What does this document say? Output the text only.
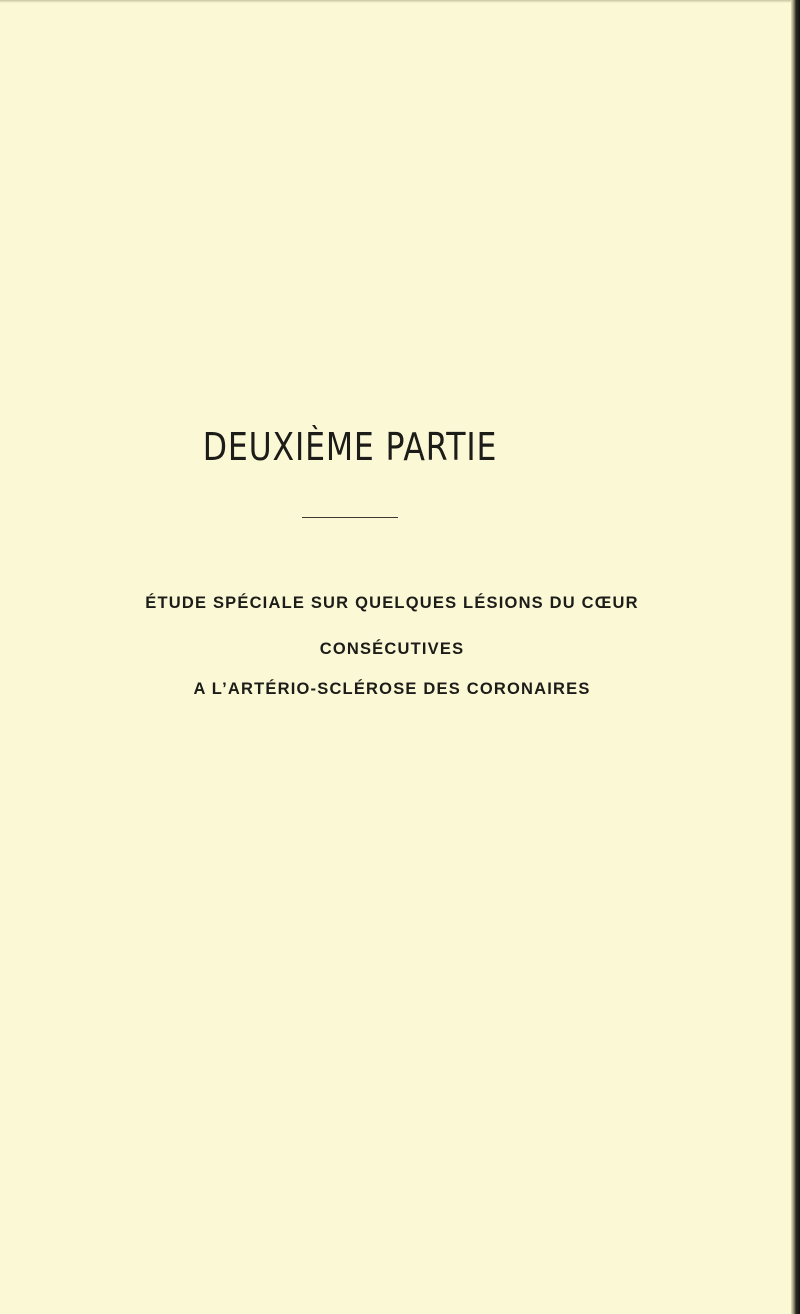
DEUXIÈME PARTIE
ÉTUDE SPÉCIALE SUR QUELQUES LÉSIONS DU CŒUR
CONSÉCUTIVES
A L’ARTÉRIO-SCLÉROSE DES CORONAIRES
